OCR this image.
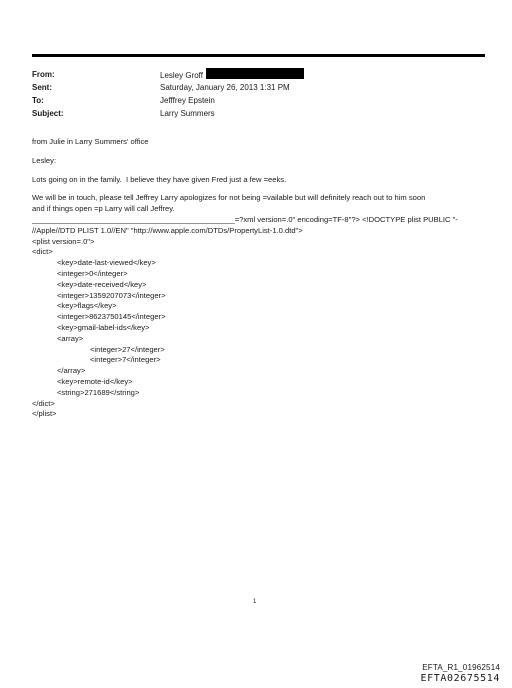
From:	Lesley Groff
Sent:	Saturday, January 26, 2013 1:31 PM
To:	Jefffrey Epstein
Subject:	Larry Summers

from Julie in Larry Summers' office

Lesley:

Lots going on in the family.  I believe they have given Fred just a few =eeks.

We will be in touch, please tell Jeffrey Larry apologizes for not being =vailable but will definitely reach out to him soon

and if things open =p Larry will call Jeffrey.

________________________________________________=?xml version=.0" encoding=TF-8"?> <!DOCTYPE plist PUBLIC "-

//Apple//DTD PLIST 1.0//EN" "http://www.apple.com/DTDs/PropertyList-1.0.dtd">

<plist version=.0">

<dict>

<key>date-last-viewed</key>

<integer>0</integer>

<key>date-received</key>

<integer>1359207073</integer>

<key>flags</key>

<integer>8623750145</integer>

<key>gmail-label-ids</key>

<array>

<integer>27</integer>

<integer>7</integer>

</array>

<key>remote-id</key>

<string>271689</string>

</dict>

</plist>

1
EFTA_R1_01962514
EFTA02675514
